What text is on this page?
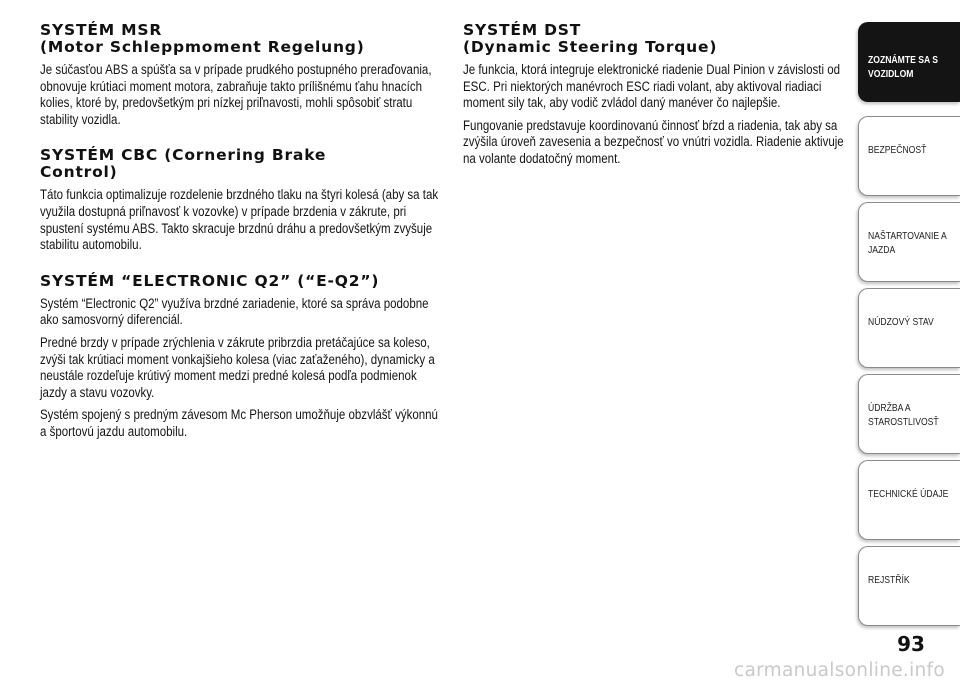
SYSTÉM MSR
(Motor Schleppmoment Regelung)

Je súčasťou ABS a spúšťa sa v prípade prudkého postupného preraďovania, obnovuje krútiaci moment motora, zabraňuje takto prílišnému ťahu hnacích kolies, ktoré by, predovšetkým pri nízkej priľnavosti, mohli spôsobiť stratu stability vozidla.

SYSTÉM CBC (Cornering Brake
Control)

Táto funkcia optimalizuje rozdelenie brzdného tlaku na štyri kolesá (aby sa tak využila dostupná priľnavosť k vozovke) v prípade brzdenia v zákrute, pri spustení systému ABS. Takto skracuje brzdnú dráhu a predovšetkým zvyšuje stabilitu automobilu.

SYSTÉM “ELECTRONIC Q2” (“E-Q2”)

Systém “Electronic Q2” využíva brzdné zariadenie, ktoré sa správa podobne ako samosvorný diferenciál.

Predné brzdy v prípade zrýchlenia v zákrute pribrzdia pretáčajúce sa koleso, zvýši tak krútiaci moment vonkajšieho kolesa (viac zaťaženého), dynamicky a neustále rozdeľuje krútivý moment medzi predné kolesá podľa podmienok jazdy a stavu vozovky.

Systém spojený s predným závesom Mc Pherson umožňuje obzvlášť výkonnú a športovú jazdu automobilu.

SYSTÉM DST
(Dynamic Steering Torque)

Je funkcia, ktorá integruje elektronické riadenie Dual Pinion v závislosti od ESC. Pri niektorých manévroch ESC riadi volant, aby aktivoval riadiaci moment sily tak, aby vodič zvládol daný manéver čo najlepšie.

Fungovanie predstavuje koordinovanú činnosť bŕzd a riadenia, tak aby sa zvýšila úroveň zavesenia a bezpečnosť vo vnútri vozidla. Riadenie aktivuje na volante dodatočný moment.

ZOZNÁMTE SA S
VOZIDLOM
BEZPEČNOSŤ
NAŠTARTOVANIE A
JAZDA
NÚDZOVÝ STAV
ÚDRŽBA A
STAROSTLIVOSŤ
TECHNICKÉ ÚDAJE
REJSTŘÍK
93
carmanualsonline.info
